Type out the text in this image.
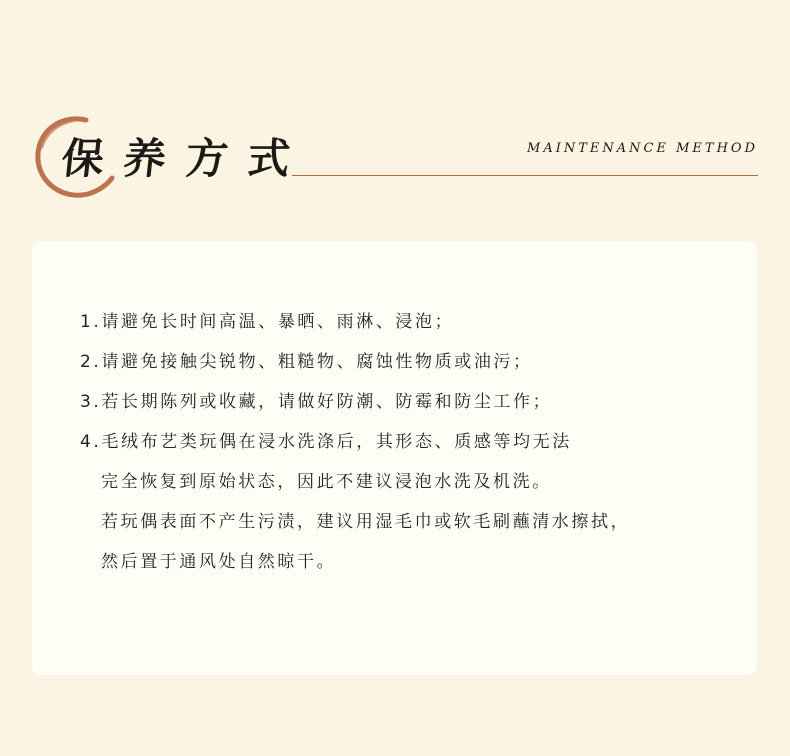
保 养 方 式	MAINTENANCE METHOD
1.请避免长时间高温、暴晒、雨淋、浸泡；
2.请避免接触尖锐物、粗糙物、腐蚀性物质或油污；
3.若长期陈列或收藏，请做好防潮、防霉和防尘工作；
4.毛绒布艺类玩偶在浸水洗涤后，其形态、质感等均无法
完全恢复到原始状态，因此不建议浸泡水洗及机洗。
若玩偶表面不产生污渍，建议用湿毛巾或软毛刷蘸清水擦拭，
然后置于通风处自然晾干。
